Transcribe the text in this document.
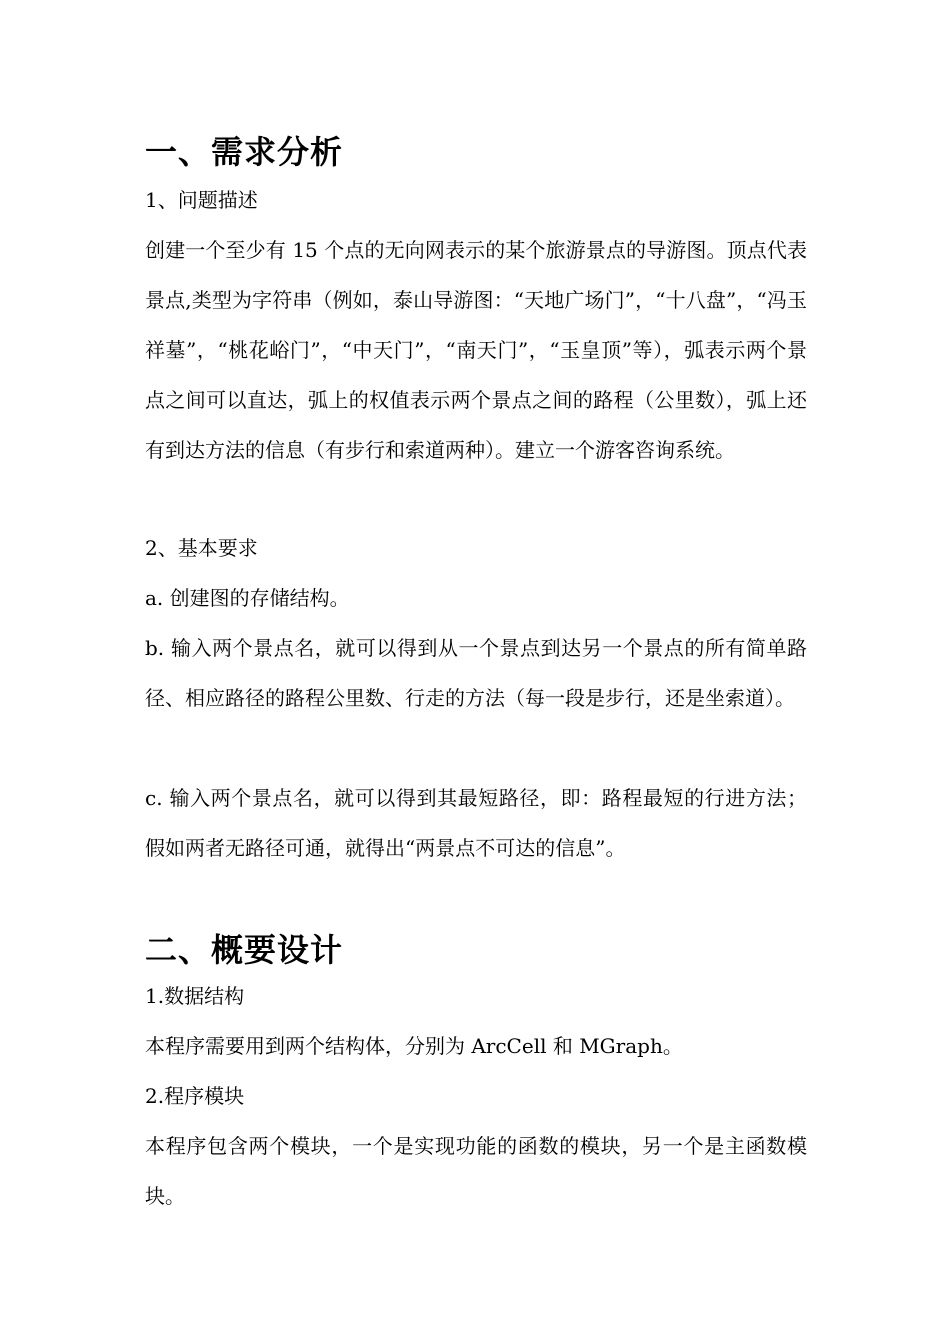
一、需求分析
1、问题描述
创建一个至少有 15 个点的无向网表示的某个旅游景点的导游图。顶点代表景点,类型为字符串（例如，泰山导游图：“天地广场门”，“十八盘”，“冯玉祥墓”，“桃花峪门”，“中天门”，“南天门”，“玉皇顶”等），弧表示两个景点之间可以直达，弧上的权值表示两个景点之间的路程（公里数），弧上还有到达方法的信息（有步行和索道两种）。建立一个游客咨询系统。
2、基本要求
a. 创建图的存储结构。
b. 输入两个景点名，就可以得到从一个景点到达另一个景点的所有简单路径、相应路径的路程公里数、行走的方法（每一段是步行，还是坐索道）。
c. 输入两个景点名，就可以得到其最短路径，即：路程最短的行进方法；假如两者无路径可通，就得出“两景点不可达的信息”。
二、概要设计
1.数据结构
本程序需要用到两个结构体，分别为 ArcCell 和 MGraph。
2.程序模块
本程序包含两个模块，一个是实现功能的函数的模块，另一个是主函数模块。
